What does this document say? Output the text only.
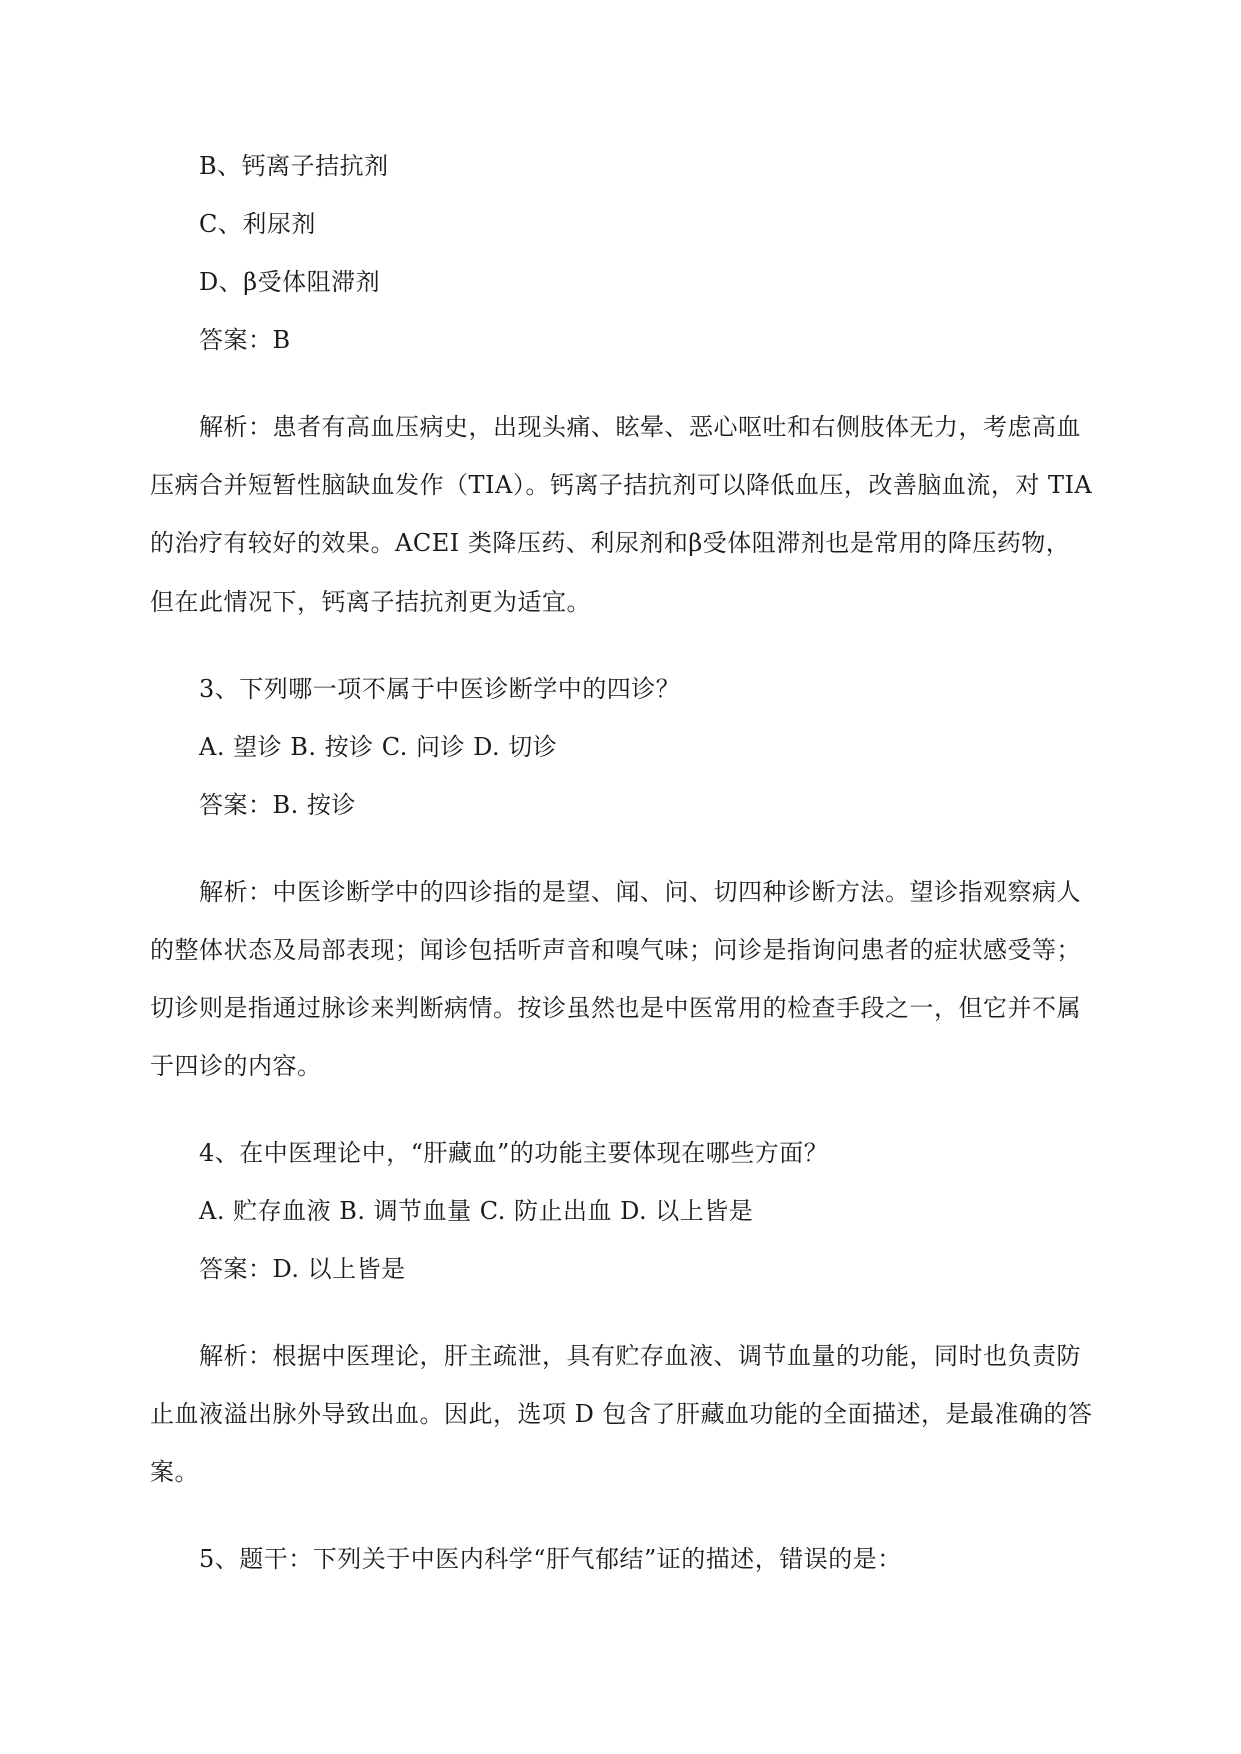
B、钙离子拮抗剂
C、利尿剂
D、β受体阻滞剂
答案：B
解析：患者有高血压病史，出现头痛、眩晕、恶心呕吐和右侧肢体无力，考虑高血
压病合并短暂性脑缺血发作（TIA）。钙离子拮抗剂可以降低血压，改善脑血流，对 TIA
的治疗有较好的效果。ACEI 类降压药、利尿剂和β受体阻滞剂也是常用的降压药物，
但在此情况下，钙离子拮抗剂更为适宜。
3、下列哪一项不属于中医诊断学中的四诊？
A. 望诊 B. 按诊 C. 问诊 D. 切诊
答案：B. 按诊
解析：中医诊断学中的四诊指的是望、闻、问、切四种诊断方法。望诊指观察病人
的整体状态及局部表现；闻诊包括听声音和嗅气味；问诊是指询问患者的症状感受等；
切诊则是指通过脉诊来判断病情。按诊虽然也是中医常用的检查手段之一，但它并不属
于四诊的内容。
4、在中医理论中，“肝藏血”的功能主要体现在哪些方面？
A. 贮存血液 B. 调节血量 C. 防止出血 D. 以上皆是
答案：D. 以上皆是
解析：根据中医理论，肝主疏泄，具有贮存血液、调节血量的功能，同时也负责防
止血液溢出脉外导致出血。因此，选项 D 包含了肝藏血功能的全面描述，是最准确的答
案。
5、题干：下列关于中医内科学“肝气郁结”证的描述，错误的是：
